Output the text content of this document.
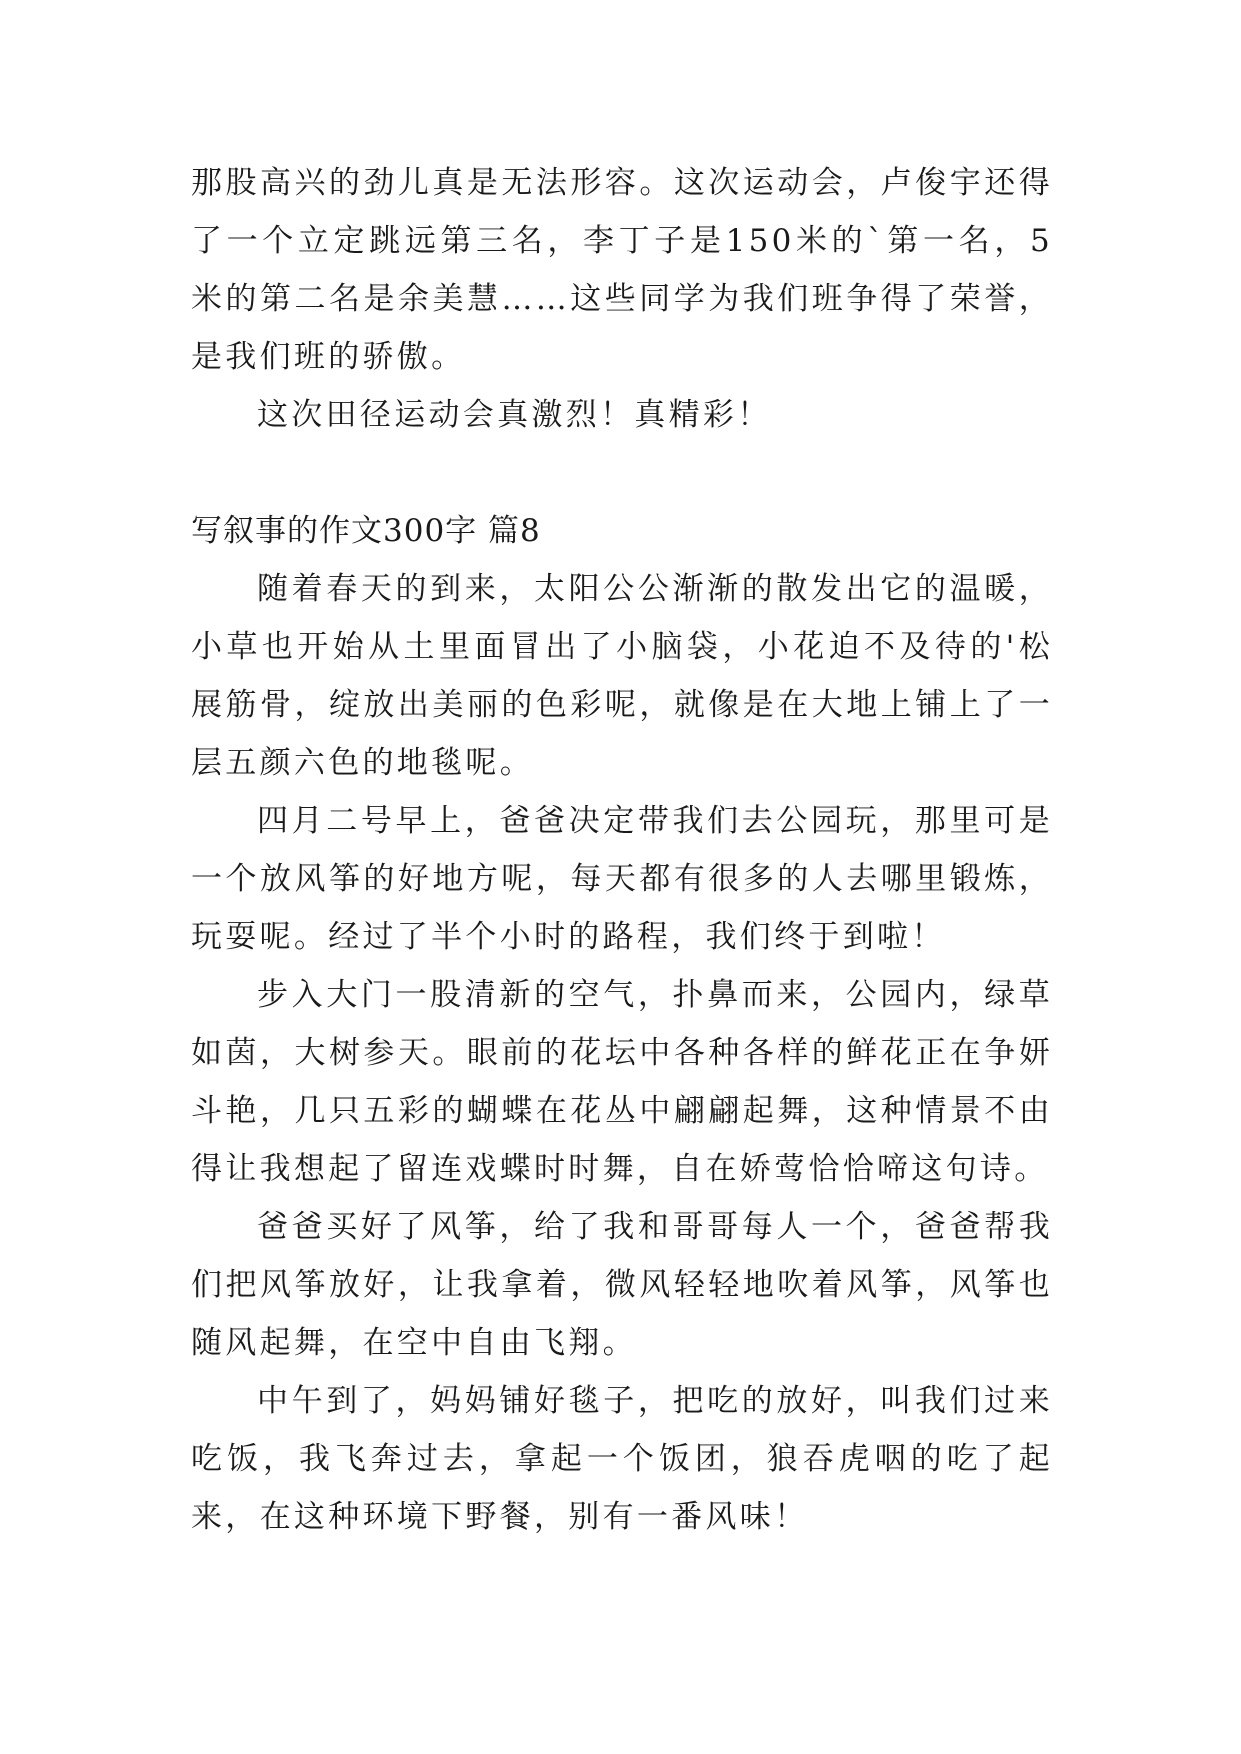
那股高兴的劲儿真是无法形容。这次运动会，卢俊宇还得了一个立定跳远第三名，李丁子是150米的`第一名，5米的第二名是余美慧……这些同学为我们班争得了荣誉，是我们班的骄傲。

这次田径运动会真激烈！真精彩！

写叙事的作文300字 篇8

随着春天的到来，太阳公公渐渐的散发出它的温暖，小草也开始从土里面冒出了小脑袋，小花迫不及待的'松展筋骨，绽放出美丽的色彩呢，就像是在大地上铺上了一层五颜六色的地毯呢。

四月二号早上，爸爸决定带我们去公园玩，那里可是一个放风筝的好地方呢，每天都有很多的人去哪里锻炼，玩耍呢。经过了半个小时的路程，我们终于到啦！

步入大门一股清新的空气，扑鼻而来，公园内，绿草如茵，大树参天。眼前的花坛中各种各样的鲜花正在争妍斗艳，几只五彩的蝴蝶在花丛中翩翩起舞，这种情景不由得让我想起了留连戏蝶时时舞，自在娇莺恰恰啼这句诗。

爸爸买好了风筝，给了我和哥哥每人一个，爸爸帮我们把风筝放好，让我拿着，微风轻轻地吹着风筝，风筝也随风起舞，在空中自由飞翔。

中午到了，妈妈铺好毯子，把吃的放好，叫我们过来吃饭，我飞奔过去，拿起一个饭团，狼吞虎咽的吃了起来，在这种环境下野餐，别有一番风味！
